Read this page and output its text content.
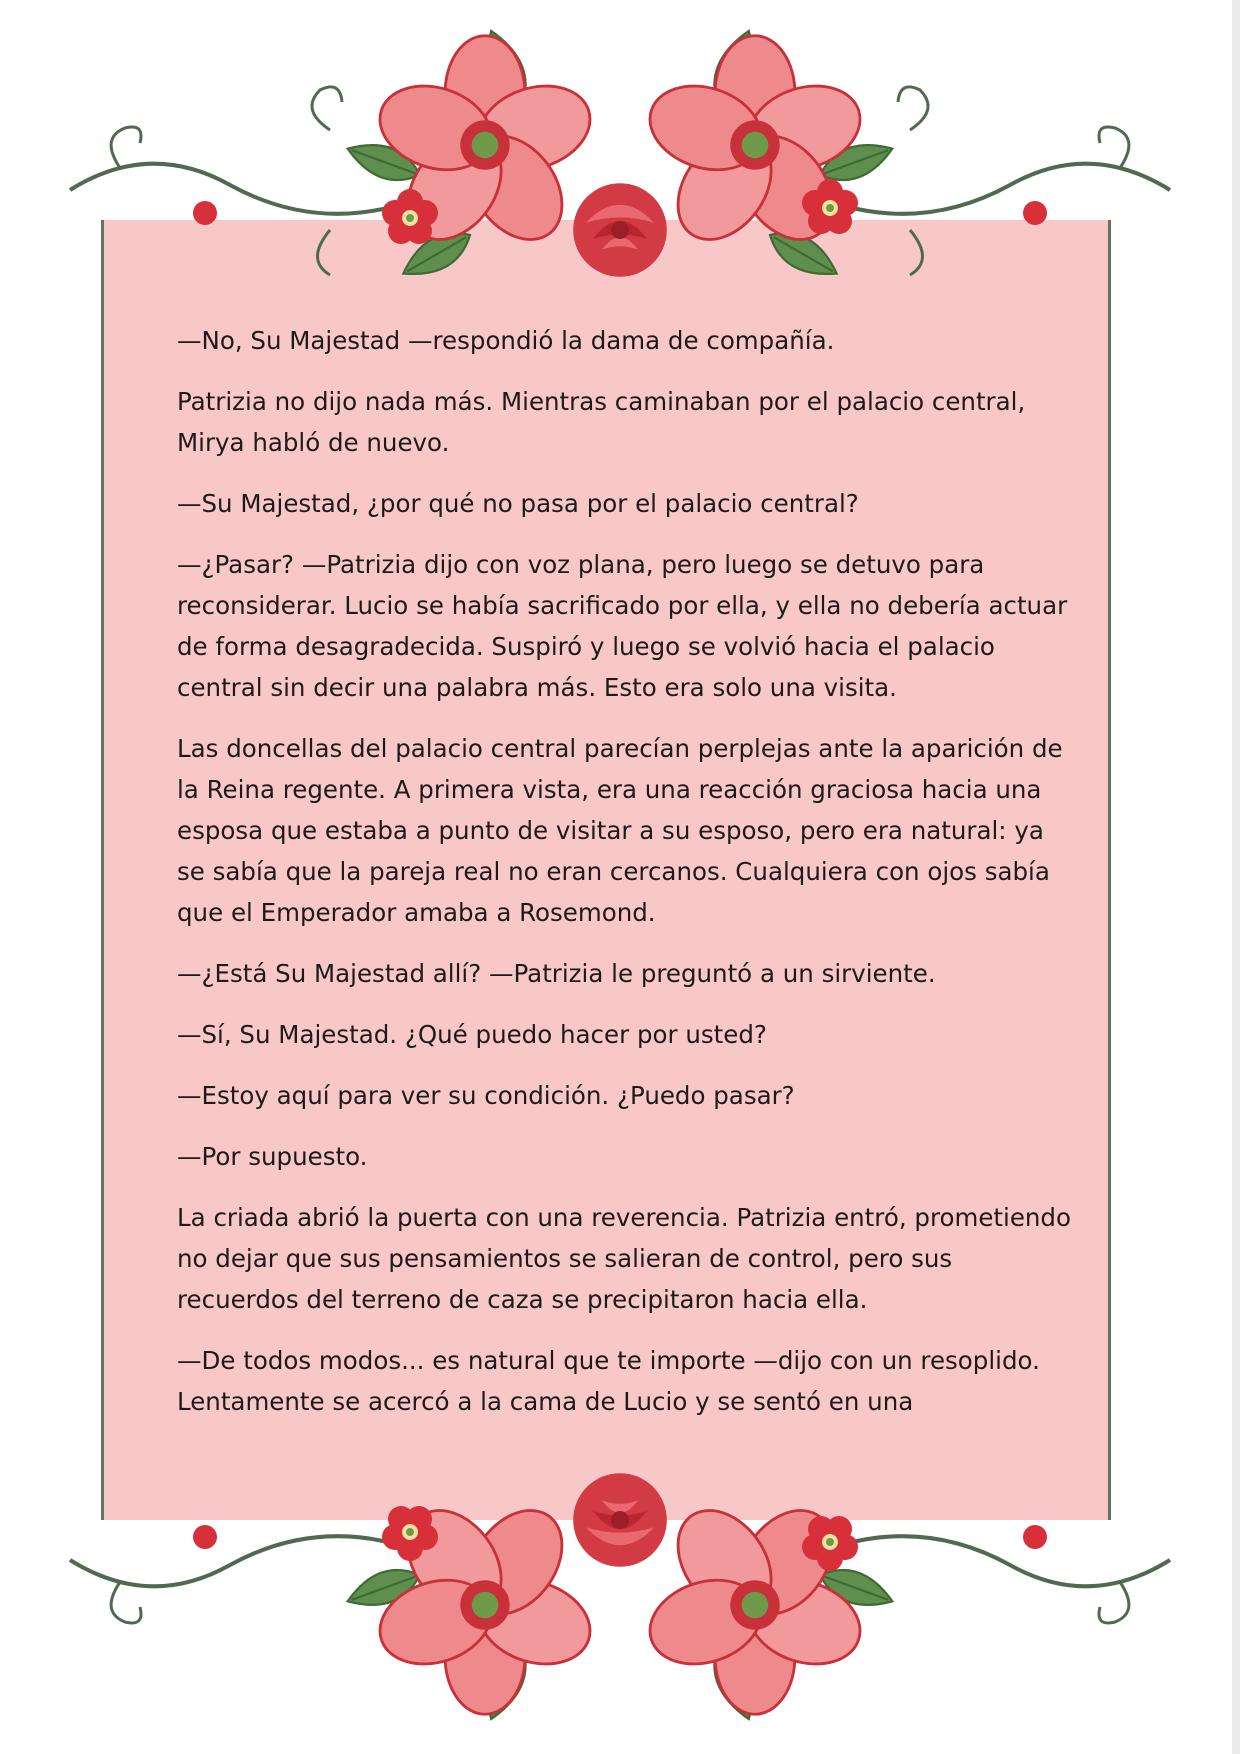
—No, Su Majestad —respondió la dama de compañía.

Patrizia no dijo nada más. Mientras caminaban por el palacio central, Mirya habló de nuevo.

—Su Majestad, ¿por qué no pasa por el palacio central?

—¿Pasar? —Patrizia dijo con voz plana, pero luego se detuvo para reconsiderar. Lucio se había sacrificado por ella, y ella no debería actuar de forma desagradecida. Suspiró y luego se volvió hacia el palacio central sin decir una palabra más. Esto era solo una visita.

Las doncellas del palacio central parecían perplejas ante la aparición de la Reina regente. A primera vista, era una reacción graciosa hacia una esposa que estaba a punto de visitar a su esposo, pero era natural: ya se sabía que la pareja real no eran cercanos. Cualquiera con ojos sabía que el Emperador amaba a Rosemond.

—¿Está Su Majestad allí? —Patrizia le preguntó a un sirviente.

—Sí, Su Majestad. ¿Qué puedo hacer por usted?

—Estoy aquí para ver su condición. ¿Puedo pasar?

—Por supuesto.

La criada abrió la puerta con una reverencia. Patrizia entró, prometiendo no dejar que sus pensamientos se salieran de control, pero sus recuerdos del terreno de caza se precipitaron hacia ella.

—De todos modos... es natural que te importe —dijo con un resoplido. Lentamente se acercó a la cama de Lucio y se sentó en una
